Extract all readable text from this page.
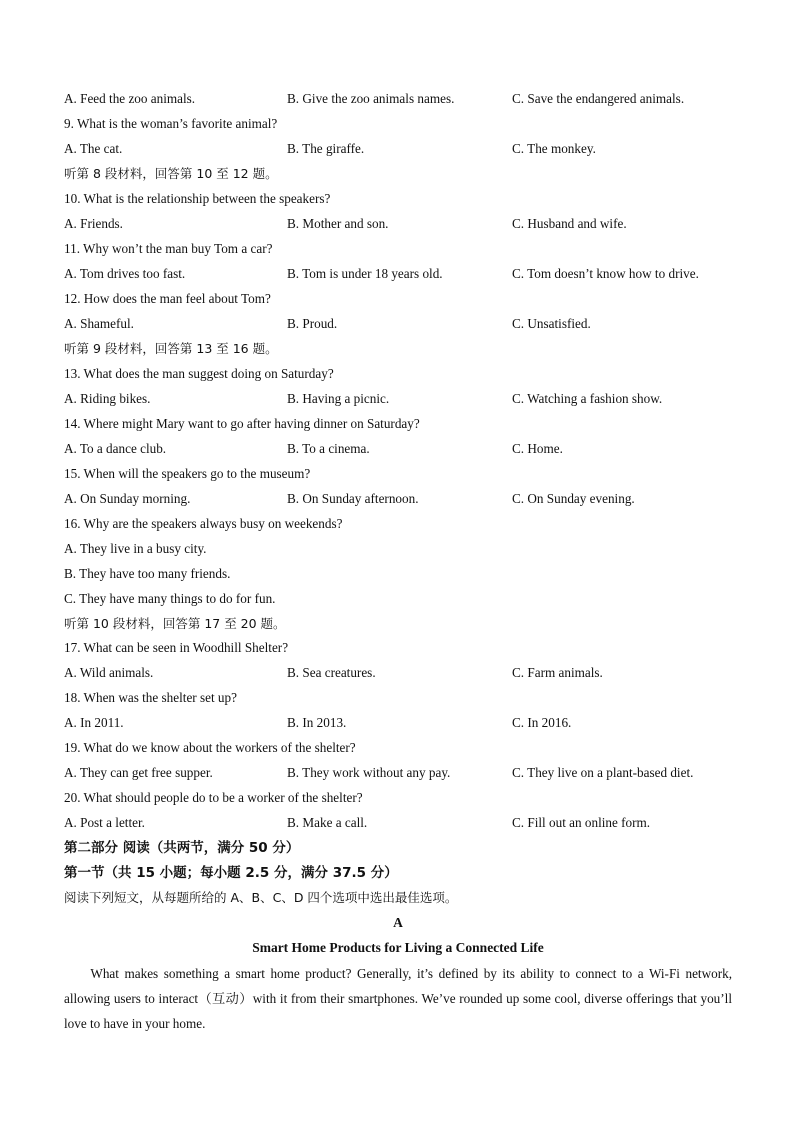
A. Feed the zoo animals.	B. Give the zoo animals names.	C. Save the endangered animals.
9. What is the woman’s favorite animal?
A. The cat.	B. The giraffe.	C. The monkey.
听第 8 段材料，回答第 10 至 12 题。
10. What is the relationship between the speakers?
A. Friends.	B. Mother and son.	C. Husband and wife.
11. Why won’t the man buy Tom a car?
A. Tom drives too fast.	B. Tom is under 18 years old.	C. Tom doesn’t know how to drive.
12. How does the man feel about Tom?
A. Shameful.	B. Proud.	C. Unsatisfied.
听第 9 段材料，回答第 13 至 16 题。
13. What does the man suggest doing on Saturday?
A. Riding bikes.	B. Having a picnic.	C. Watching a fashion show.
14. Where might Mary want to go after having dinner on Saturday?
A. To a dance club.	B. To a cinema.	C. Home.
15. When will the speakers go to the museum?
A. On Sunday morning.	B. On Sunday afternoon.	C. On Sunday evening.
16. Why are the speakers always busy on weekends?
A. They live in a busy city.
B. They have too many friends.
C. They have many things to do for fun.
听第 10 段材料，回答第 17 至 20 题。
17. What can be seen in Woodhill Shelter?
A. Wild animals.	B. Sea creatures.	C. Farm animals.
18. When was the shelter set up?
A. In 2011.	B. In 2013.	C. In 2016.
19. What do we know about the workers of the shelter?
A. They can get free supper.	B. They work without any pay.	C. They live on a plant-based diet.
20. What should people do to be a worker of the shelter?
A. Post a letter.	B. Make a call.	C. Fill out an online form.
第二部分 阅读（共两节，满分 50 分）
第一节（共 15 小题；每小题 2.5 分，满分 37.5 分）
阅读下列短文，从每题所给的 A、B、C、D 四个选项中选出最佳选项。
A
Smart Home Products for Living a Connected Life

What makes something a smart home product? Generally, it’s defined by its ability to connect to a Wi-Fi network, allowing users to interact（互动）with it from their smartphones. We’ve rounded up some cool, diverse offerings that you’ll love to have in your home.
